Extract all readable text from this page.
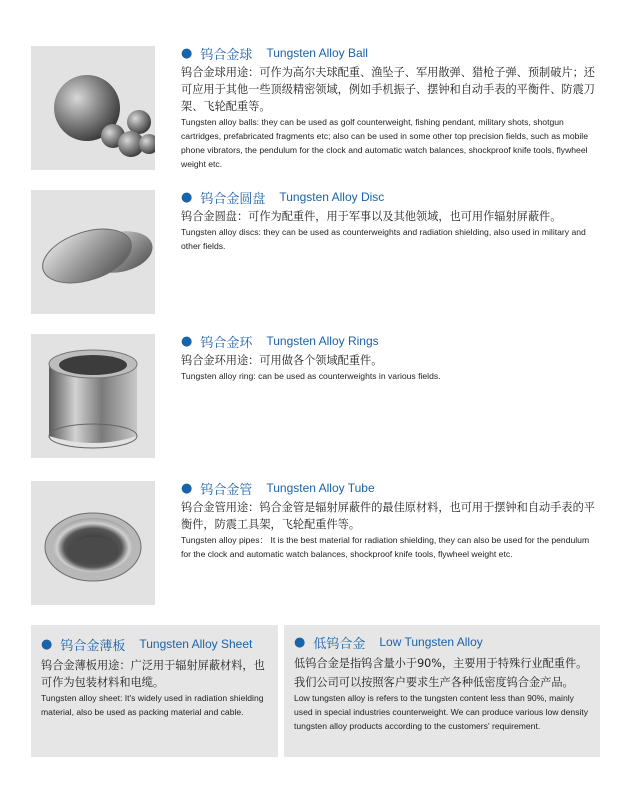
● 钨合金球 Tungsten Alloy Ball

钨合金球用途：可作为高尔夫球配重、渔坠子、军用散弹、猎枪子弹、预制破片；还可应用于其他一些顶级精密领域，例如手机振子、摆钟和自动手表的平衡件、防震刀架、飞轮配重等。

Tungsten alloy balls: they can be used as golf counterweight, fishing pendant, military shots, shotgun cartridges, prefabricated fragments etc; also can be used in some other top precision fields, such as mobile phone vibrators, the pendulum for the clock and automatic watch balances, shockproof knife tools, flywheel weight etc.

● 钨合金圆盘 Tungsten Alloy Disc

钨合金圆盘：可作为配重件，用于军事以及其他领域，也可用作辐射屏蔽件。

Tungsten alloy discs: they can be used as counterweights and radiation shielding, also used in military and other fields.

● 钨合金环 Tungsten Alloy Rings

钨合金环用途：可用做各个领域配重件。

Tungsten alloy ring: can be used as counterweights in various fields.

● 钨合金管 Tungsten Alloy Tube

钨合金管用途：钨合金管是辐射屏蔽件的最佳原材料，也可用于摆钟和自动手表的平衡件，防震工具架，飞轮配重件等。

Tungsten alloy pipes： It is the best material for radiation shielding, they can also be used for the pendulum for the clock and automatic watch balances, shockproof knife tools, flywheel weight etc.

● 钨合金薄板 Tungsten Alloy Sheet

钨合金薄板用途：广泛用于辐射屏蔽材料，也可作为包装材料和电缆。

Tungsten alloy sheet: It's widely used in radiation shielding material, also be used as packing material and cable.

● 低钨合金 Low Tungsten Alloy

低钨合金是指钨含量小于90%，主要用于特殊行业配重件。

我们公司可以按照客户要求生产各种低密度钨合金产品。

Low tungsten alloy is refers to the tungsten content less than 90%, mainly used in special industries counterweight. We can produce various low density tungsten alloy products according to the customers' requirement.
